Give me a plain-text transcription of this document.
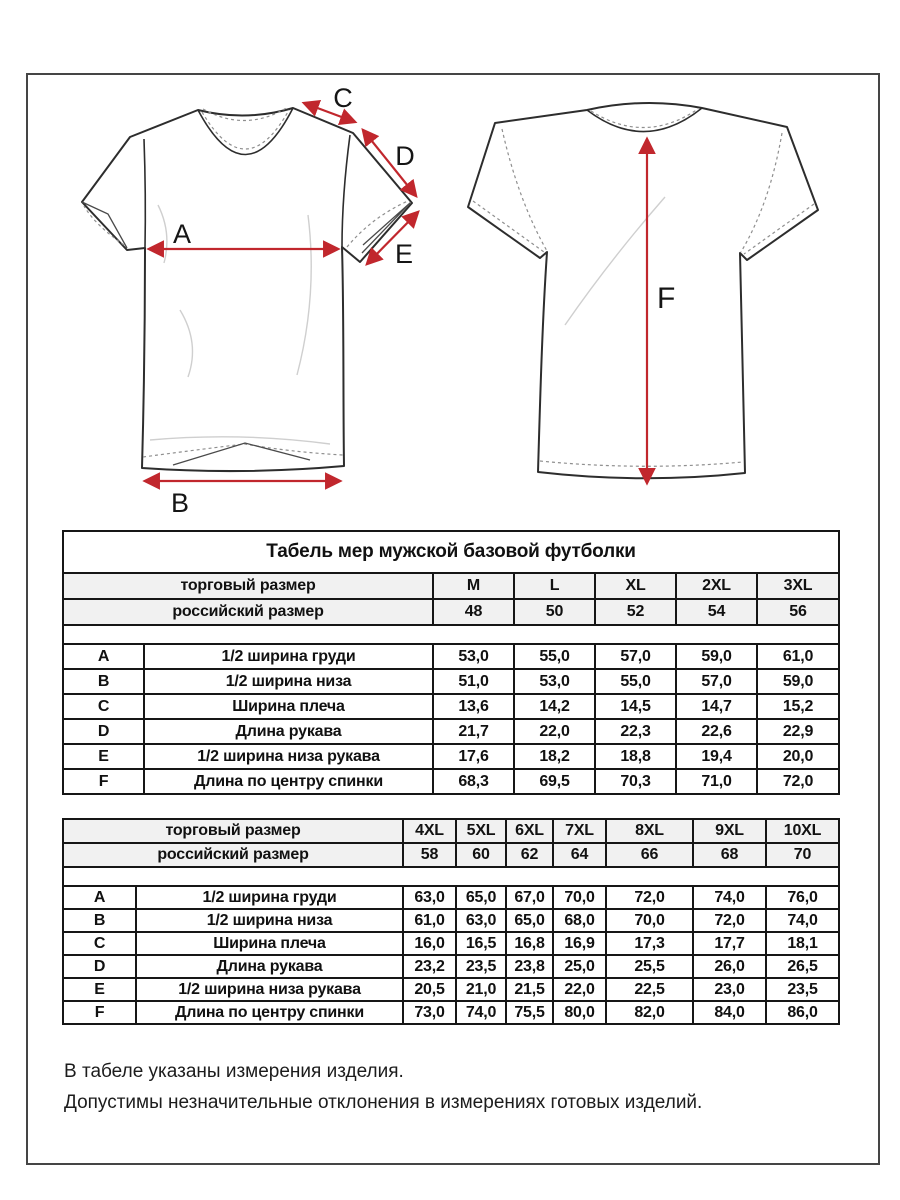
A
B
C
D
E
F
Табель мер мужской базовой футболки						
торговый размер		M	L	XL	2XL	3XL
российский размер		48	50	52	54	56

A	1/2 ширина груди	53,0	55,0	57,0	59,0	61,0
B	1/2 ширина низа	51,0	53,0	55,0	57,0	59,0
C	Ширина плеча	13,6	14,2	14,5	14,7	15,2
D	Длина рукава	21,7	22,0	22,3	22,6	22,9
E	1/2 ширина низа рукава	17,6	18,2	18,8	19,4	20,0
F	Длина по центру спинки	68,3	69,5	70,3	71,0	72,0
торговый размер		4XL	5XL	6XL	7XL	8XL	9XL	10XL
российский размер		58	60	62	64	66	68	70

A	1/2 ширина груди	63,0	65,0	67,0	70,0	72,0	74,0	76,0
B	1/2 ширина низа	61,0	63,0	65,0	68,0	70,0	72,0	74,0
C	Ширина плеча	16,0	16,5	16,8	16,9	17,3	17,7	18,1
D	Длина рукава	23,2	23,5	23,8	25,0	25,5	26,0	26,5
E	1/2 ширина низа рукава	20,5	21,0	21,5	22,0	22,5	23,0	23,5
F	Длина по центру спинки	73,0	74,0	75,5	80,0	82,0	84,0	86,0
В табеле указаны измерения изделия.
Допустимы незначительные отклонения в измерениях готовых изделий.
